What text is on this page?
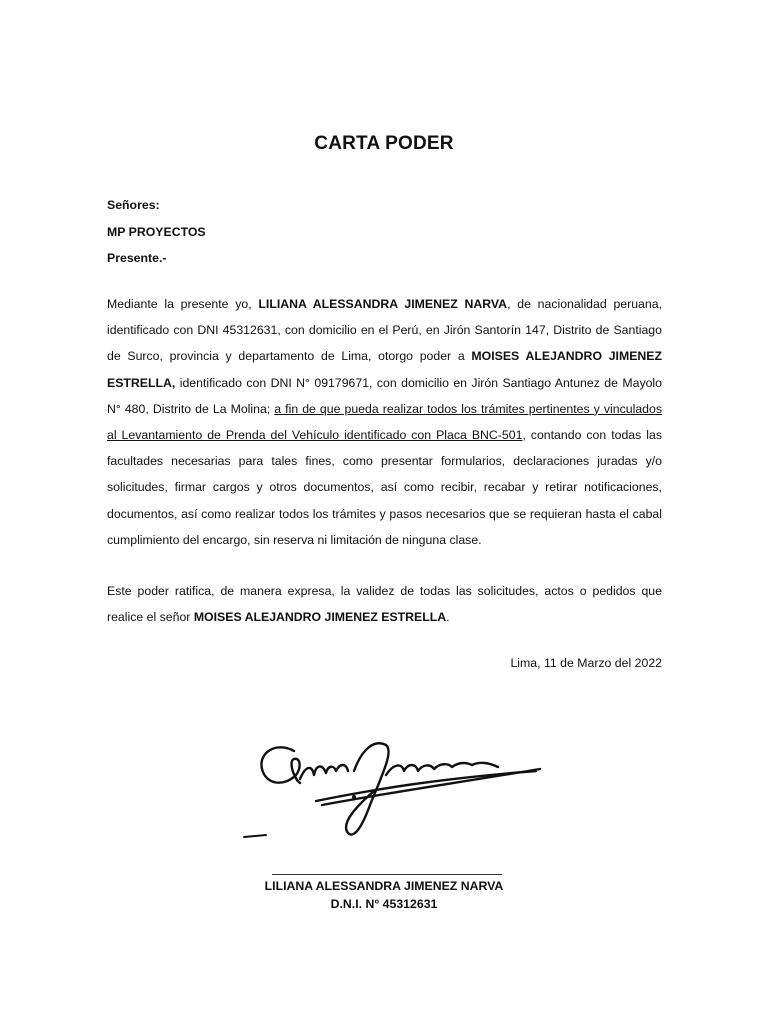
CARTA PODER
Señores:
MP PROYECTOS
Presente.-
Mediante la presente yo, LILIANA ALESSANDRA JIMENEZ NARVA, de nacionalidad peruana, identificado con DNI 45312631, con domicilio en el Perú, en Jirón Santorín 147, Distrito de Santiago de Surco, provincia y departamento de Lima, otorgo poder a MOISES ALEJANDRO JIMENEZ ESTRELLA, identificado con DNI N° 09179671, con domicilio en Jirón Santiago Antunez de Mayolo N° 480, Distrito de La Molina; a fin de que pueda realizar todos los trámites pertinentes y vinculados al Levantamiento de Prenda del Vehículo identificado con Placa BNC-501, contando con todas las facultades necesarias para tales fines, como presentar formularios, declaraciones juradas y/o solicitudes, firmar cargos y otros documentos, así como recibir, recabar y retirar notificaciones, documentos, así como realizar todos los trámites y pasos necesarios que se requieran hasta el cabal cumplimiento del encargo, sin reserva ni limitación de ninguna clase.
Este poder ratifica, de manera expresa, la validez de todas las solicitudes, actos o pedidos que realice el señor MOISES ALEJANDRO JIMENEZ ESTRELLA.
Lima, 11 de Marzo del 2022
LILIANA ALESSANDRA JIMENEZ NARVA
D.N.I. N° 45312631
